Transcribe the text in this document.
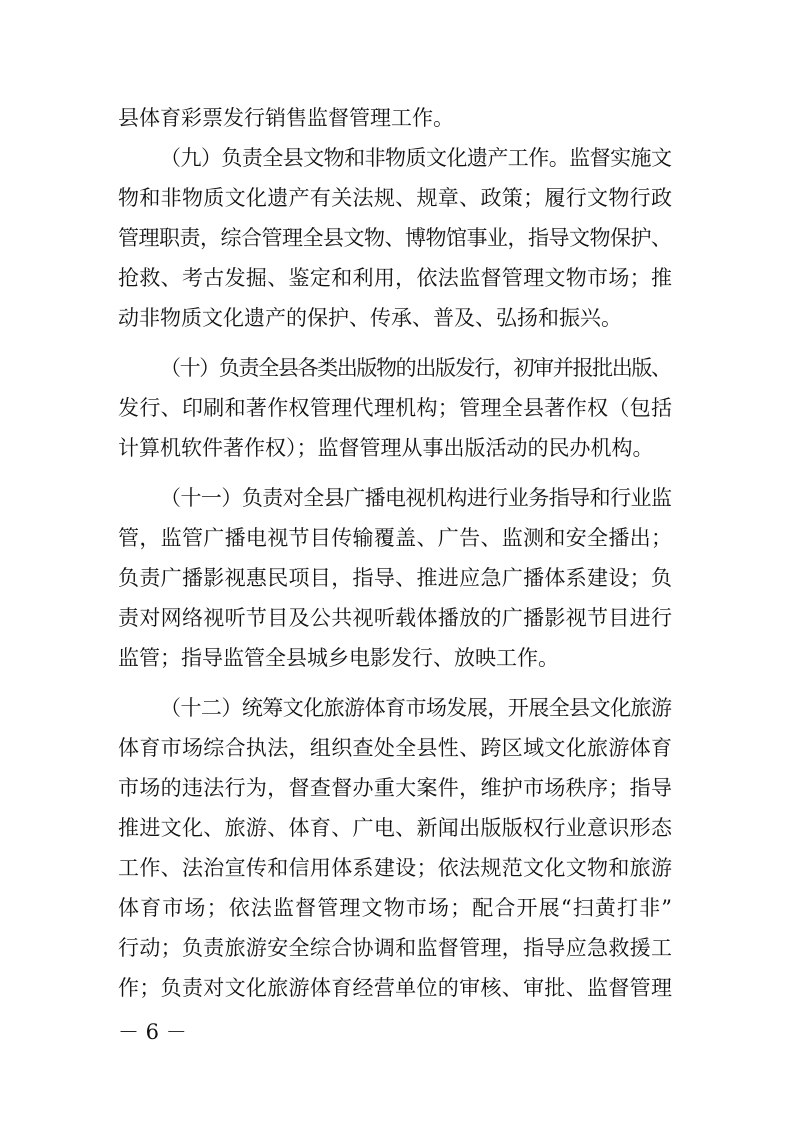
县体育彩票发行销售监督管理工作。
（九）负责全县文物和非物质文化遗产工作。监督实施文
物和非物质文化遗产有关法规、规章、政策；履行文物行政
管理职责，综合管理全县文物、博物馆事业，指导文物保护、
抢救、考古发掘、鉴定和利用，依法监督管理文物市场；推
动非物质文化遗产的保护、传承、普及、弘扬和振兴。
（十）负责全县各类出版物的出版发行，初审并报批出版、
发行、印刷和著作权管理代理机构；管理全县著作权（包括
计算机软件著作权）；监督管理从事出版活动的民办机构。
（十一）负责对全县广播电视机构进行业务指导和行业监
管，监管广播电视节目传输覆盖、广告、监测和安全播出；
负责广播影视惠民项目，指导、推进应急广播体系建设；负
责对网络视听节目及公共视听载体播放的广播影视节目进行
监管；指导监管全县城乡电影发行、放映工作。
（十二）统筹文化旅游体育市场发展，开展全县文化旅游
体育市场综合执法，组织查处全县性、跨区域文化旅游体育
市场的违法行为，督查督办重大案件，维护市场秩序；指导
推进文化、旅游、体育、广电、新闻出版版权行业意识形态
工作、法治宣传和信用体系建设；依法规范文化文物和旅游
体育市场；依法监督管理文物市场；配合开展“扫黄打非”
行动；负责旅游安全综合协调和监督管理，指导应急救援工
作；负责对文化旅游体育经营单位的审核、审批、监督管理
－ 6 －
